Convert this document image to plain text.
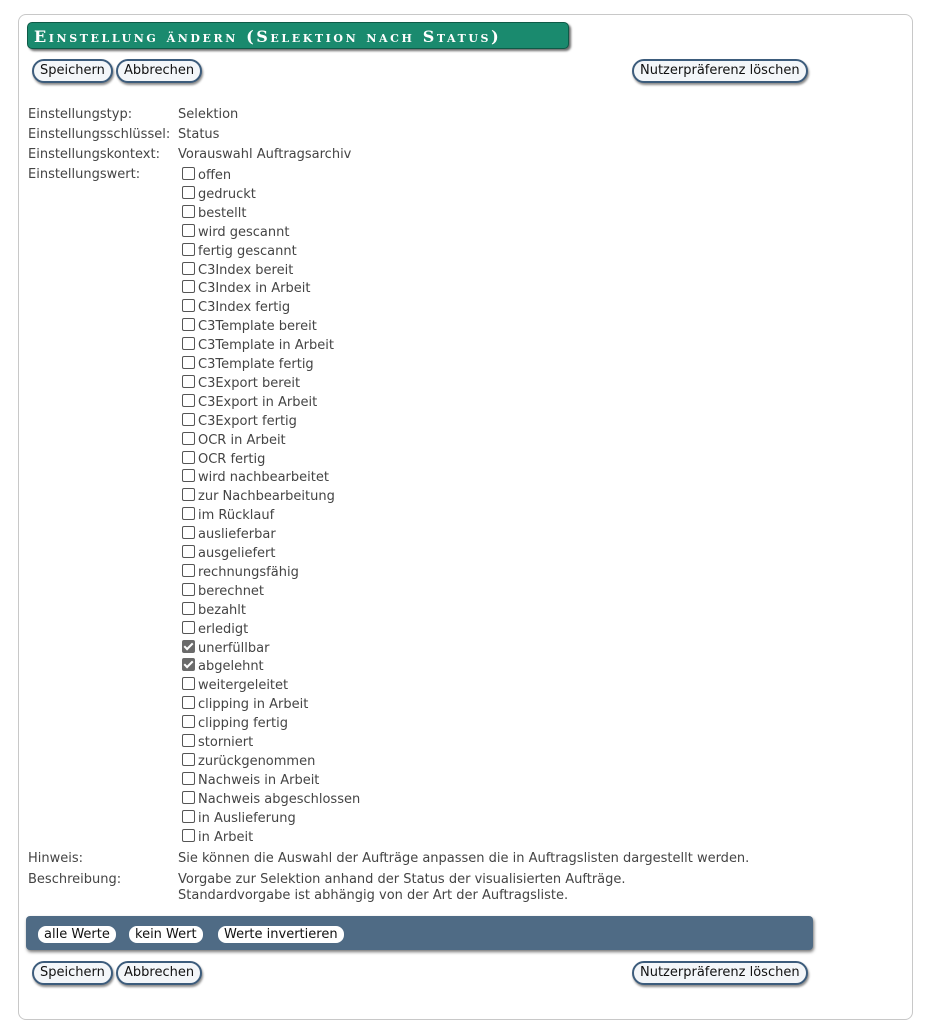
Einstellung ändern (Selektion nach Status)
Speichern	Abbrechen	Nutzerpräferenz löschen
Einstellungstyp:	Selektion
Einstellungsschlüssel: Status
Einstellungskontext: Vorauswahl Auftragsarchiv
Einstellungswert:	offen
gedruckt
bestellt
wird gescannt
fertig gescannt
C3Index bereit
C3Index in Arbeit
C3Index fertig
C3Template bereit
C3Template in Arbeit
C3Template fertig
C3Export bereit
C3Export in Arbeit
C3Export fertig
OCR in Arbeit
OCR fertig
wird nachbearbeitet
zur Nachbearbeitung
im Rücklauf
auslieferbar
ausgeliefert
rechnungsfähig
berechnet
bezahlt
erledigt
unerfüllbar
abgelehnt
weitergeleitet
clipping in Arbeit
clipping fertig
storniert
zurückgenommen
Nachweis in Arbeit
Nachweis abgeschlossen
in Auslieferung
in Arbeit
Hinweis:	Sie können die Auswahl der Aufträge anpassen die in Auftragslisten dargestellt werden.
Beschreibung:	Vorgabe zur Selektion anhand der Status der visualisierten Aufträge.
Standardvorgabe ist abhängig von der Art der Auftragsliste.
alle Werte	kein Wert	Werte invertieren
Speichern	Abbrechen	Nutzerpräferenz löschen
